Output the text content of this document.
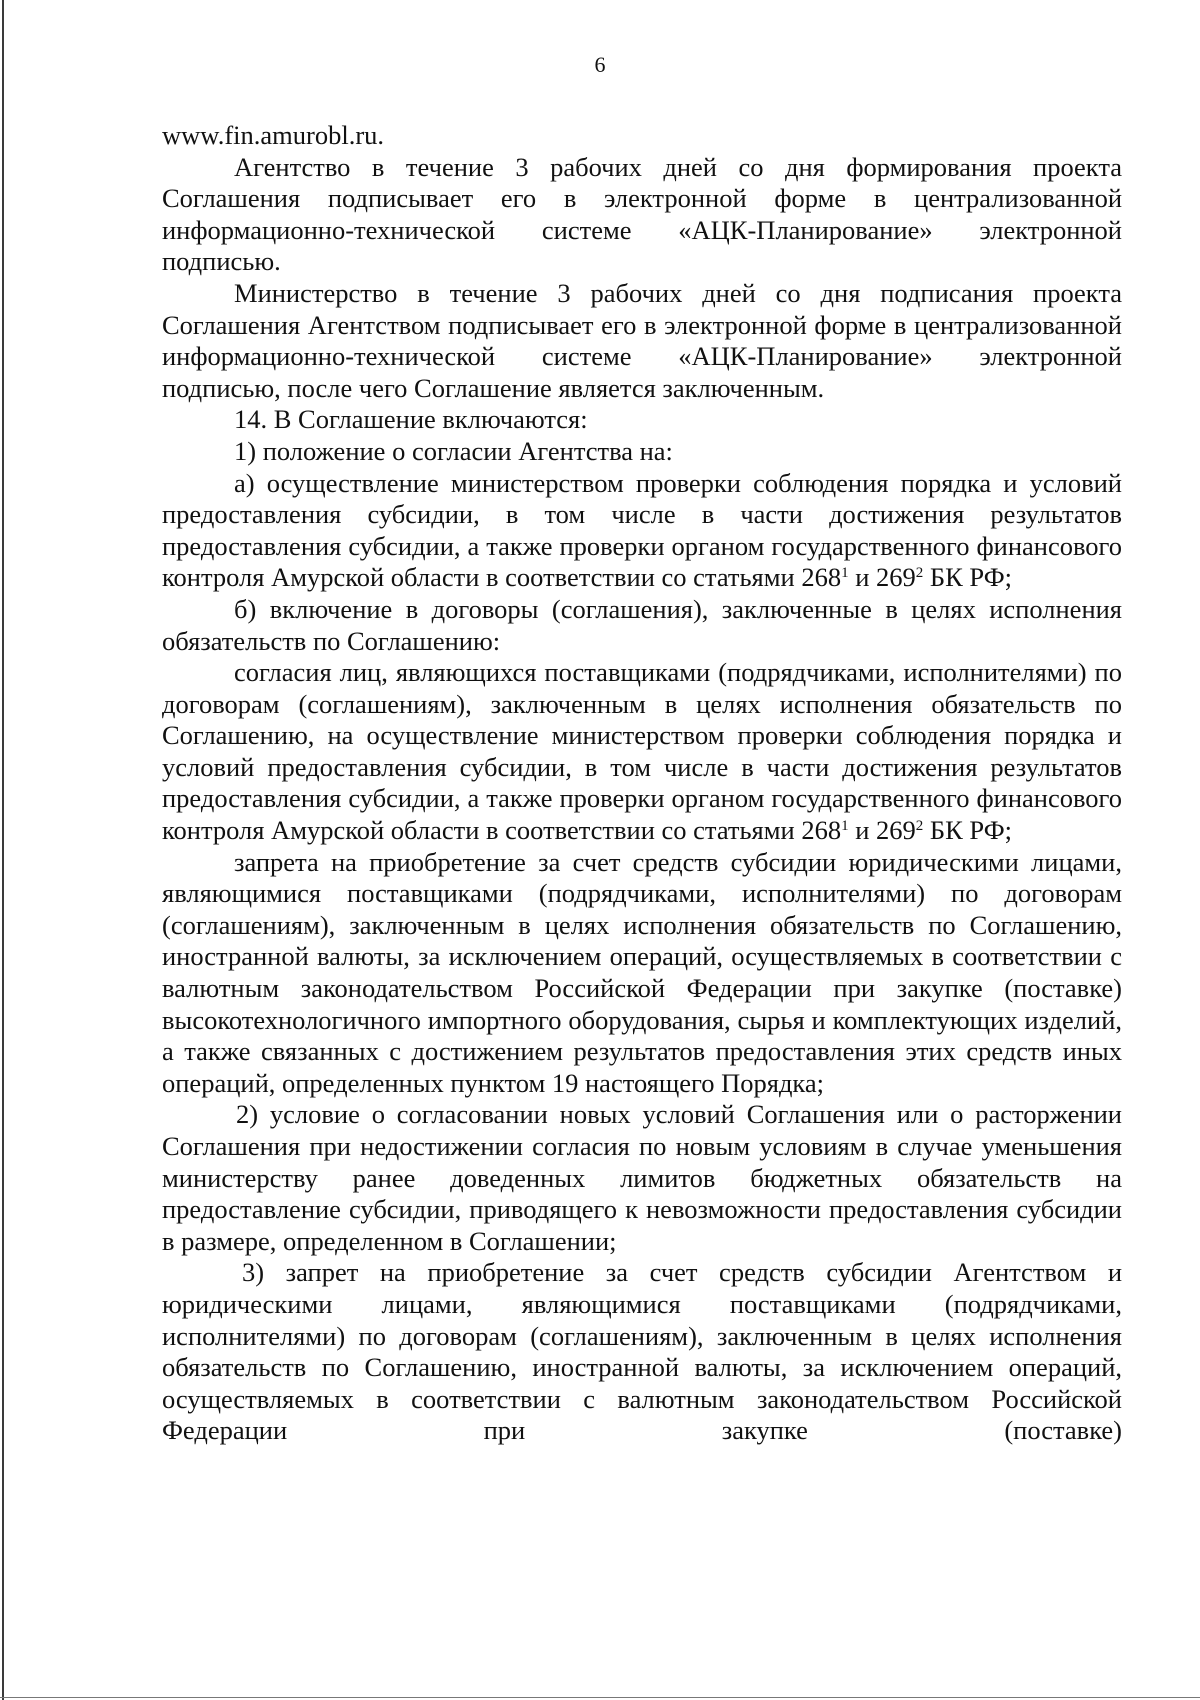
6

www.fin.amurobl.ru.

Агентство в течение 3 рабочих дней со дня формирования проекта Соглашения подписывает его в электронной форме в централизованной информационно-технической системе «АЦК-Планирование» электронной подписью.

Министерство в течение 3 рабочих дней со дня подписания проекта Соглашения Агентством подписывает его в электронной форме в централизованной информационно-технической системе «АЦК-Планирование» электронной подписью, после чего Соглашение является заключенным.

14. В Соглашение включаются:

1) положение о согласии Агентства на:

а) осуществление министерством проверки соблюдения порядка и условий предоставления субсидии, в том числе в части достижения результатов предоставления субсидии, а также проверки органом государственного финансового контроля Амурской области в соответствии со статьями $268^1$ и $269^2$ БК РФ;

б) включение в договоры (соглашения), заключенные в целях исполнения обязательств по Соглашению:

согласия лиц, являющихся поставщиками (подрядчиками, исполнителями) по договорам (соглашениям), заключенным в целях исполнения обязательств по Соглашению, на осуществление министерством проверки соблюдения порядка и условий предоставления субсидии, в том числе в части достижения результатов предоставления субсидии, а также проверки органом государственного финансового контроля Амурской области в соответствии со статьями $268^1$ и $269^2$ БК РФ;

запрета на приобретение за счет средств субсидии юридическими лицами, являющимися поставщиками (подрядчиками, исполнителями) по договорам (соглашениям), заключенным в целях исполнения обязательств по Соглашению, иностранной валюты, за исключением операций, осуществляемых в соответствии с валютным законодательством Российской Федерации при закупке (поставке) высокотехнологичного импортного оборудования, сырья и комплектующих изделий, а также связанных с достижением результатов предоставления этих средств иных операций, определенных пунктом 19 настоящего Порядка;

2) условие о согласовании новых условий Соглашения или о расторжении Соглашения при недостижении согласия по новым условиям в случае уменьшения министерству ранее доведенных лимитов бюджетных обязательств на предоставление субсидии, приводящего к невозможности предоставления субсидии в размере, определенном в Соглашении;

3) запрет на приобретение за счет средств субсидии Агентством и юридическими лицами, являющимися поставщиками (подрядчиками, исполнителями) по договорам (соглашениям), заключенным в целях исполнения обязательств по Соглашению, иностранной валюты, за исключением операций, осуществляемых в соответствии с валютным законодательством Российской Федерации при закупке (поставке)
